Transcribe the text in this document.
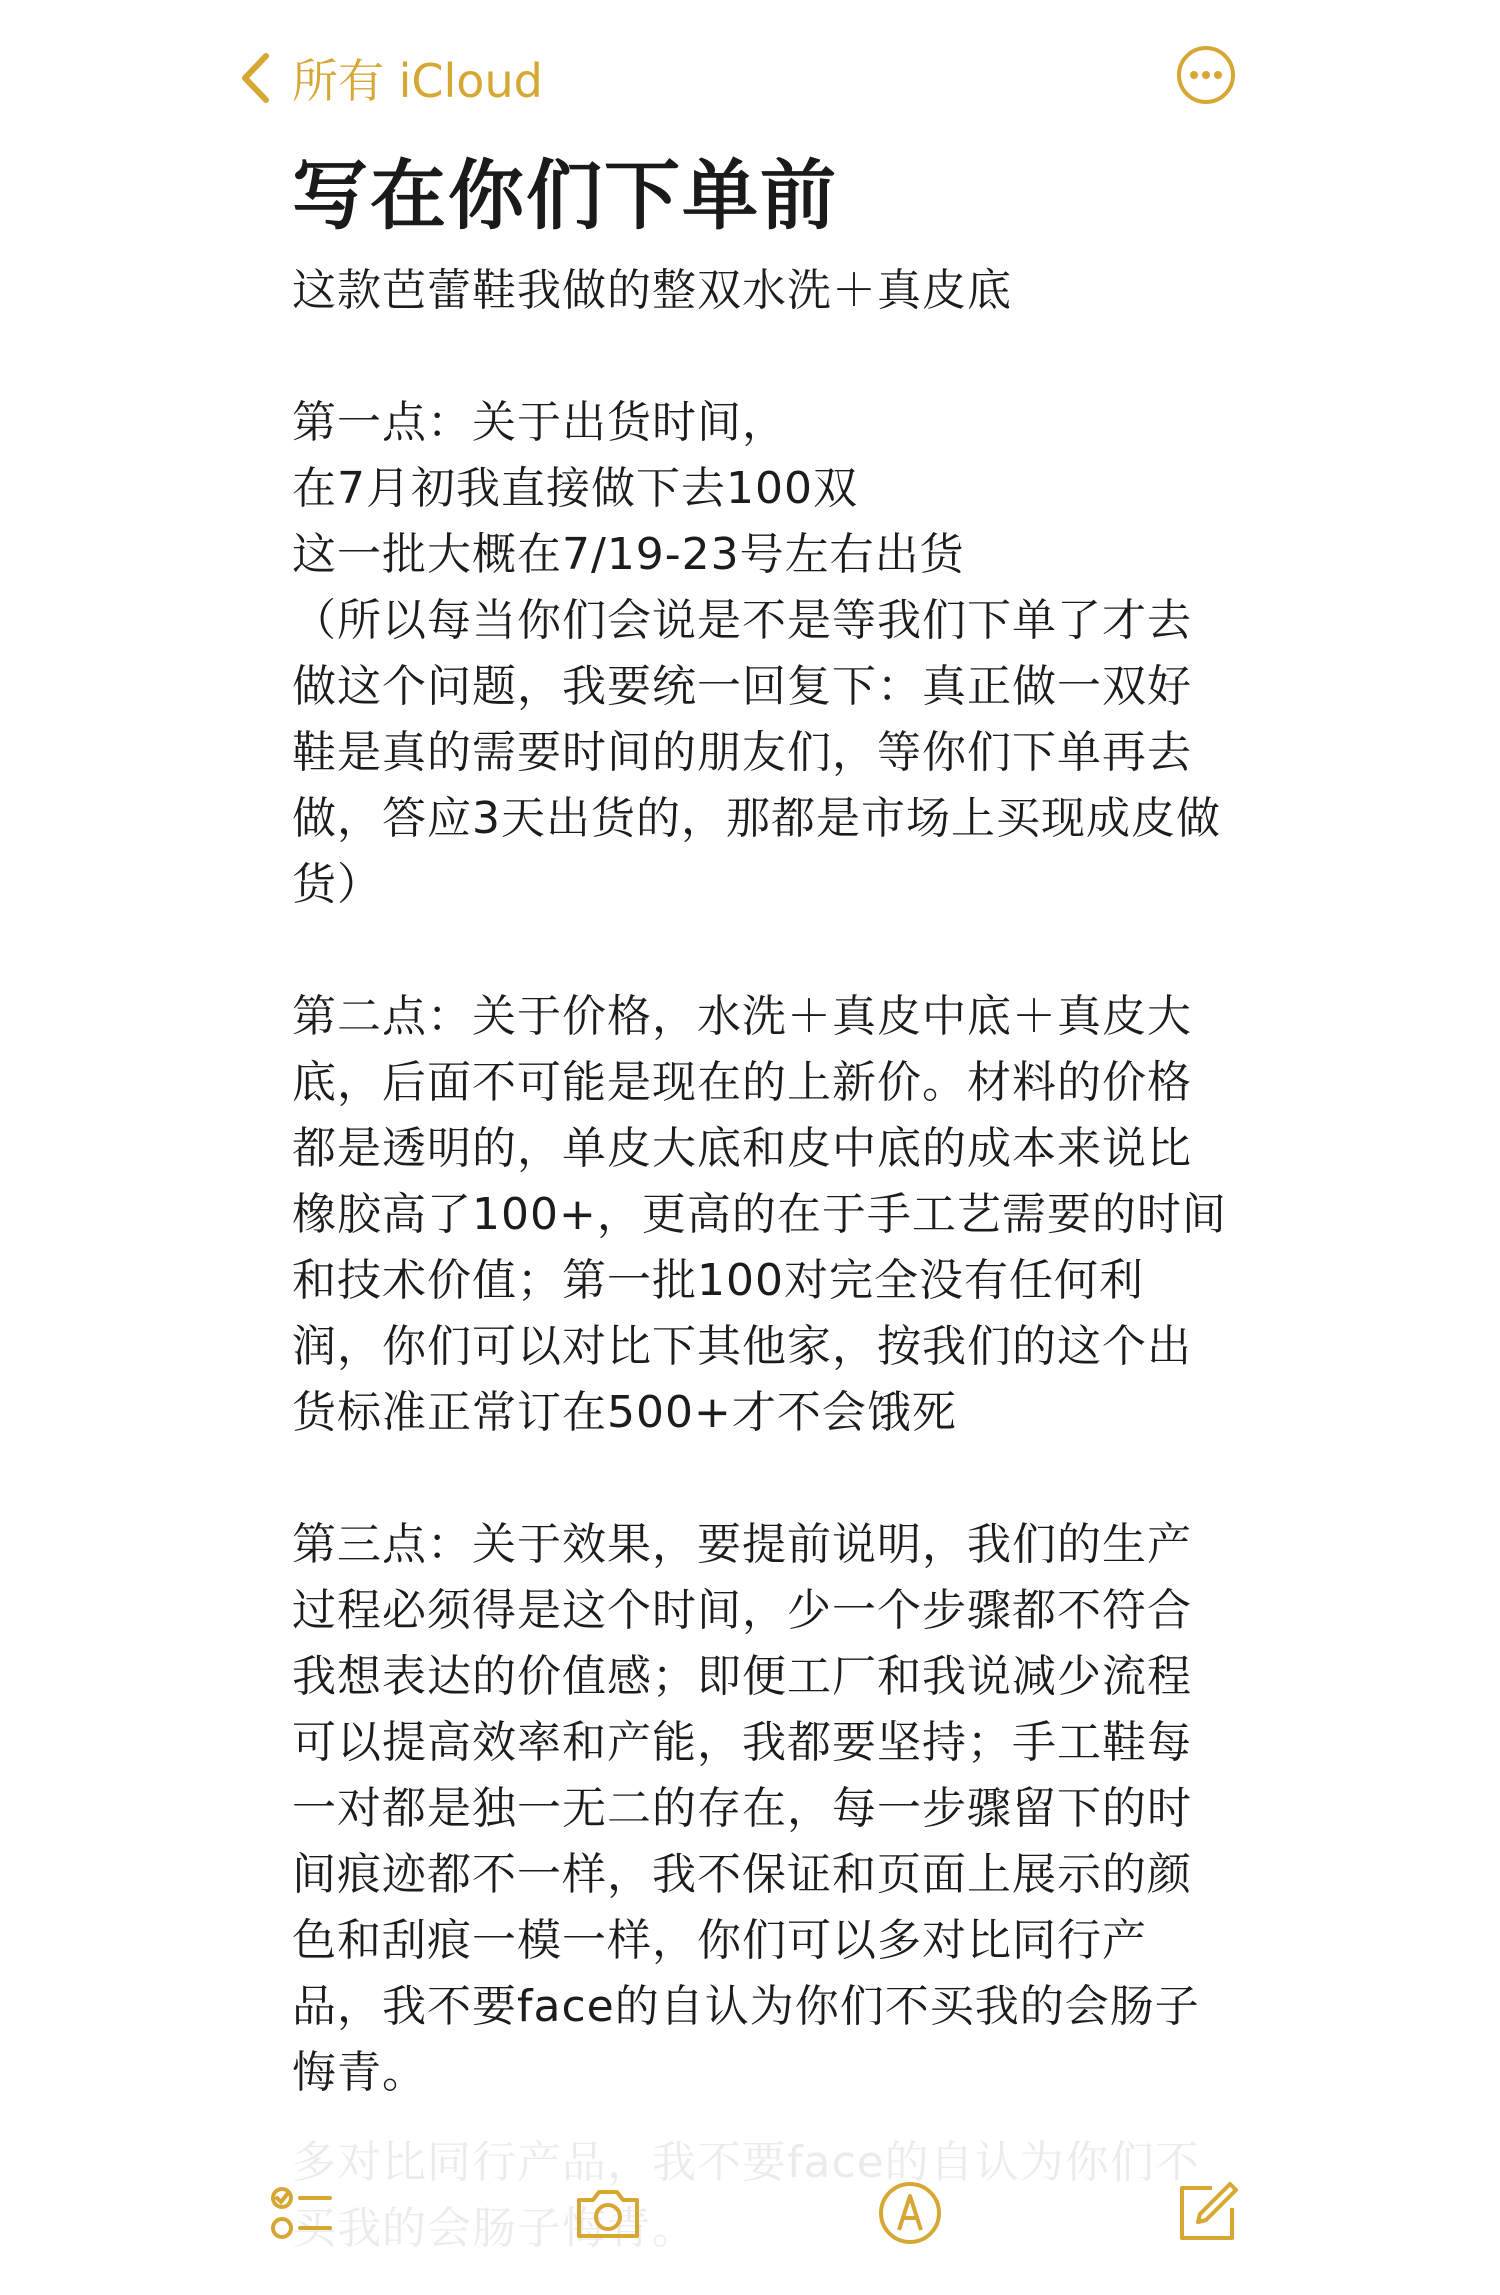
所有 iCloud
写在你们下单前

这款芭蕾鞋我做的整双水洗＋真皮底

第一点：关于出货时间，
在7月初我直接做下去100双
这一批大概在7/19-23号左右出货
（所以每当你们会说是不是等我们下单了才去做这个问题，我要统一回复下：真正做一双好鞋是真的需要时间的朋友们，等你们下单再去做，答应3天出货的，那都是市场上买现成皮做货）

第二点：关于价格，水洗＋真皮中底＋真皮大底，后面不可能是现在的上新价。材料的价格都是透明的，单皮大底和皮中底的成本来说比橡胶高了100+，更高的在于手工艺需要的时间和技术价值；第一批100对完全没有任何利润，你们可以对比下其他家，按我们的这个出货标准正常订在500+才不会饿死

第三点：关于效果，要提前说明，我们的生产过程必须得是这个时间，少一个步骤都不符合我想表达的价值感；即便工厂和我说减少流程可以提高效率和产能，我都要坚持；手工鞋每一对都是独一无二的存在，每一步骤留下的时间痕迹都不一样，我不保证和页面上展示的颜色和刮痕一模一样，你们可以多对比同行产品，我不要face的自认为你们不买我的会肠子悔青。

多对比同行产品，我不要face的自认为你们不买我的会肠子悔青。
